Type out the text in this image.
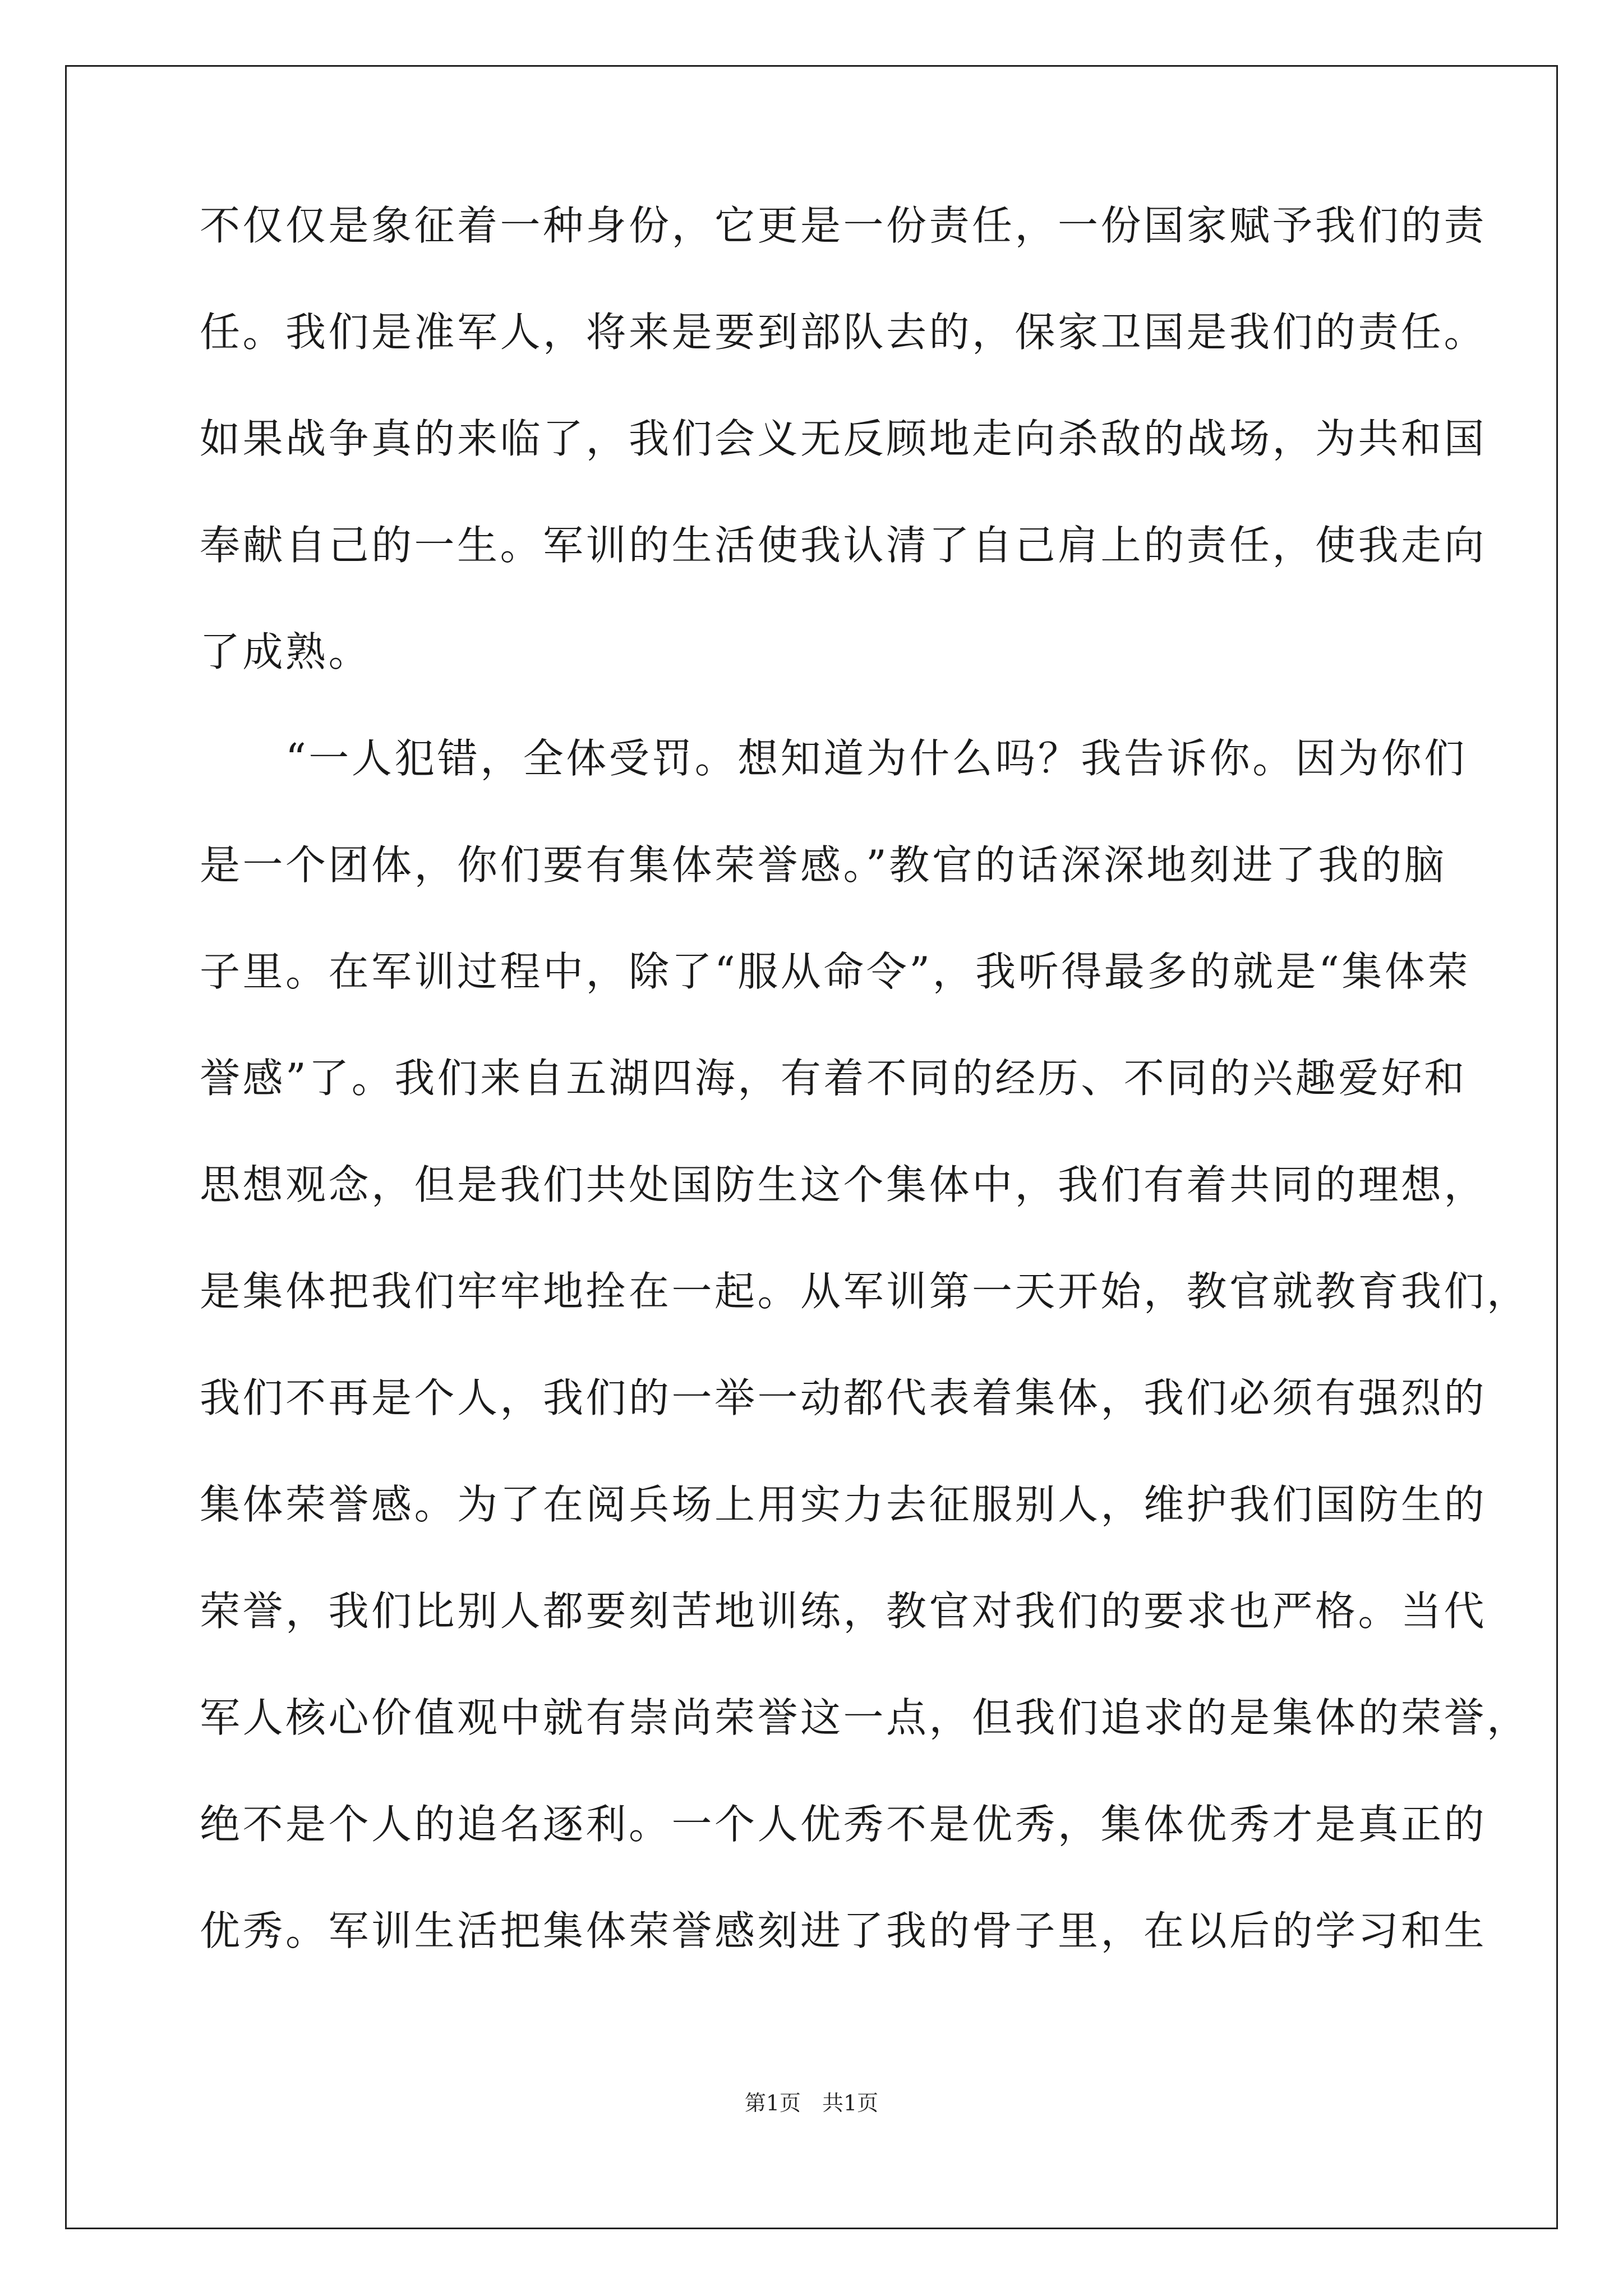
不仅仅是象征着一种身份，它更是一份责任，一份国家赋予我们的责
任。我们是准军人，将来是要到部队去的，保家卫国是我们的责任。
如果战争真的来临了，我们会义无反顾地走向杀敌的战场，为共和国
奉献自己的一生。军训的生活使我认清了自己肩上的责任，使我走向
了成熟。
　　“一人犯错，全体受罚。想知道为什么吗？我告诉你。因为你们
是一个团体，你们要有集体荣誉感。”教官的话深深地刻进了我的脑
子里。在军训过程中，除了“服从命令”，我听得最多的就是“集体荣
誉感”了。我们来自五湖四海，有着不同的经历、不同的兴趣爱好和
思想观念，但是我们共处国防生这个集体中，我们有着共同的理想，
是集体把我们牢牢地拴在一起。从军训第一天开始，教官就教育我们，
我们不再是个人，我们的一举一动都代表着集体，我们必须有强烈的
集体荣誉感。为了在阅兵场上用实力去征服别人，维护我们国防生的
荣誉，我们比别人都要刻苦地训练，教官对我们的要求也严格。当代
军人核心价值观中就有崇尚荣誉这一点，但我们追求的是集体的荣誉，
绝不是个人的追名逐利。一个人优秀不是优秀，集体优秀才是真正的
优秀。军训生活把集体荣誉感刻进了我的骨子里，在以后的学习和生
第1页　共1页
